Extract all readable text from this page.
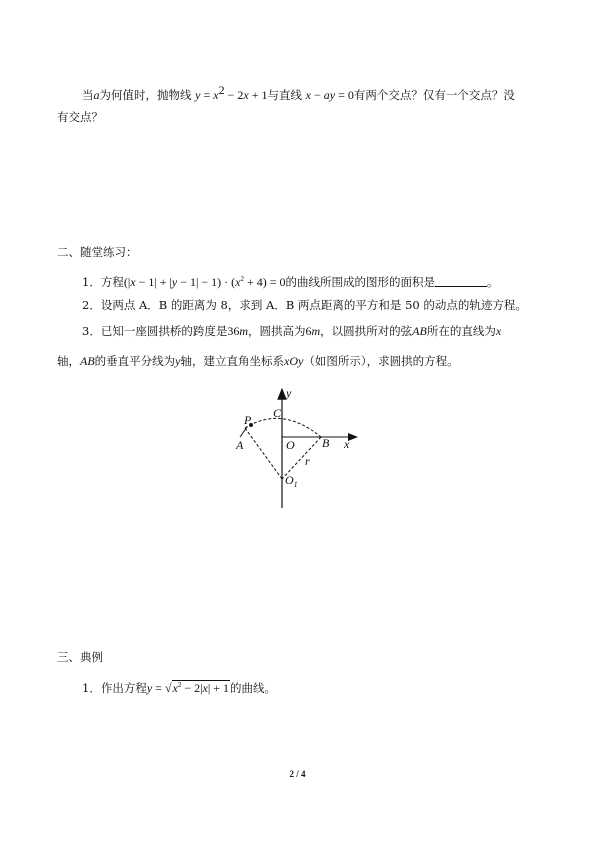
当a为何值时，抛物线 $y = x^2 - 2x + 1$与直线 x − ay = 0有两个交点？仅有一个交点？没
有交点？
二、随堂练习：
1．方程$(|x - 1| + |y - 1| - 1) \cdot (x^2 + 4) = 0$的曲线所围成的图形的面积是	。
2．设两点 A．B 的距离为 8，求到 A．B 两点距离的平方和是 50 的动点的轨迹方程。
3．已知一座圆拱桥的跨度是36m，圆拱高为6m，以圆拱所对的弦AB所在的直线为x
轴，AB的垂直平分线为y轴，建立直角坐标系xOy（如图所示），求圆拱的方程。
y
x
P C
A	O B
r
$O_1$
三、典例
1．作出方程$y = √x^2 - 2|x| + 1$的曲线。
2 / 4
